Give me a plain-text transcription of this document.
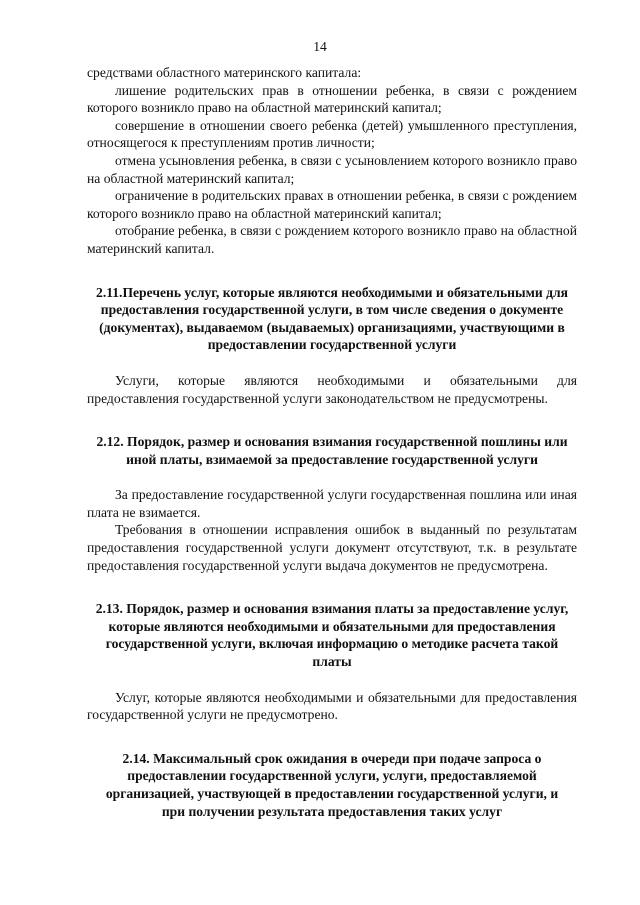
14

средствами областного материнского капитала:

лишение родительских прав в отношении ребенка, в связи с рождением которого возникло право на областной материнский капитал;

совершение в отношении своего ребенка (детей) умышленного преступления, относящегося к преступлениям против личности;

отмена усыновления ребенка, в связи с усыновлением которого возникло право на областной материнский капитал;

ограничение в родительских правах в отношении ребенка, в связи с рождением которого возникло право на областной материнский капитал;

отобрание ребенка, в связи с рождением которого возникло право на областной материнский капитал.

2.11.Перечень услуг, которые являются необходимыми и обязательными для предоставления государственной услуги, в том числе сведения о документе (документах), выдаваемом (выдаваемых) организациями, участвующими в предоставлении государственной услуги

Услуги, которые являются необходимыми и обязательными для предоставления государственной услуги законодательством не предусмотрены.

2.12. Порядок, размер и основания взимания государственной пошлины или иной платы, взимаемой за предоставление государственной услуги

За предоставление государственной услуги государственная пошлина или иная плата не взимается.

Требования в отношении исправления ошибок в выданный по результатам предоставления государственной услуги документ отсутствуют, т.к. в результате предоставления государственной услуги выдача документов не предусмотрена.

2.13. Порядок, размер и основания взимания платы за предоставление услуг, которые являются необходимыми и обязательными для предоставления государственной услуги, включая информацию о методике расчета такой платы

Услуг, которые являются необходимыми и обязательными для предоставления государственной услуги не предусмотрено.

2.14. Максимальный срок ожидания в очереди при подаче запроса о предоставлении государственной услуги, услуги, предоставляемой организацией, участвующей в предоставлении государственной услуги, и при получении результата предоставления таких услуг
